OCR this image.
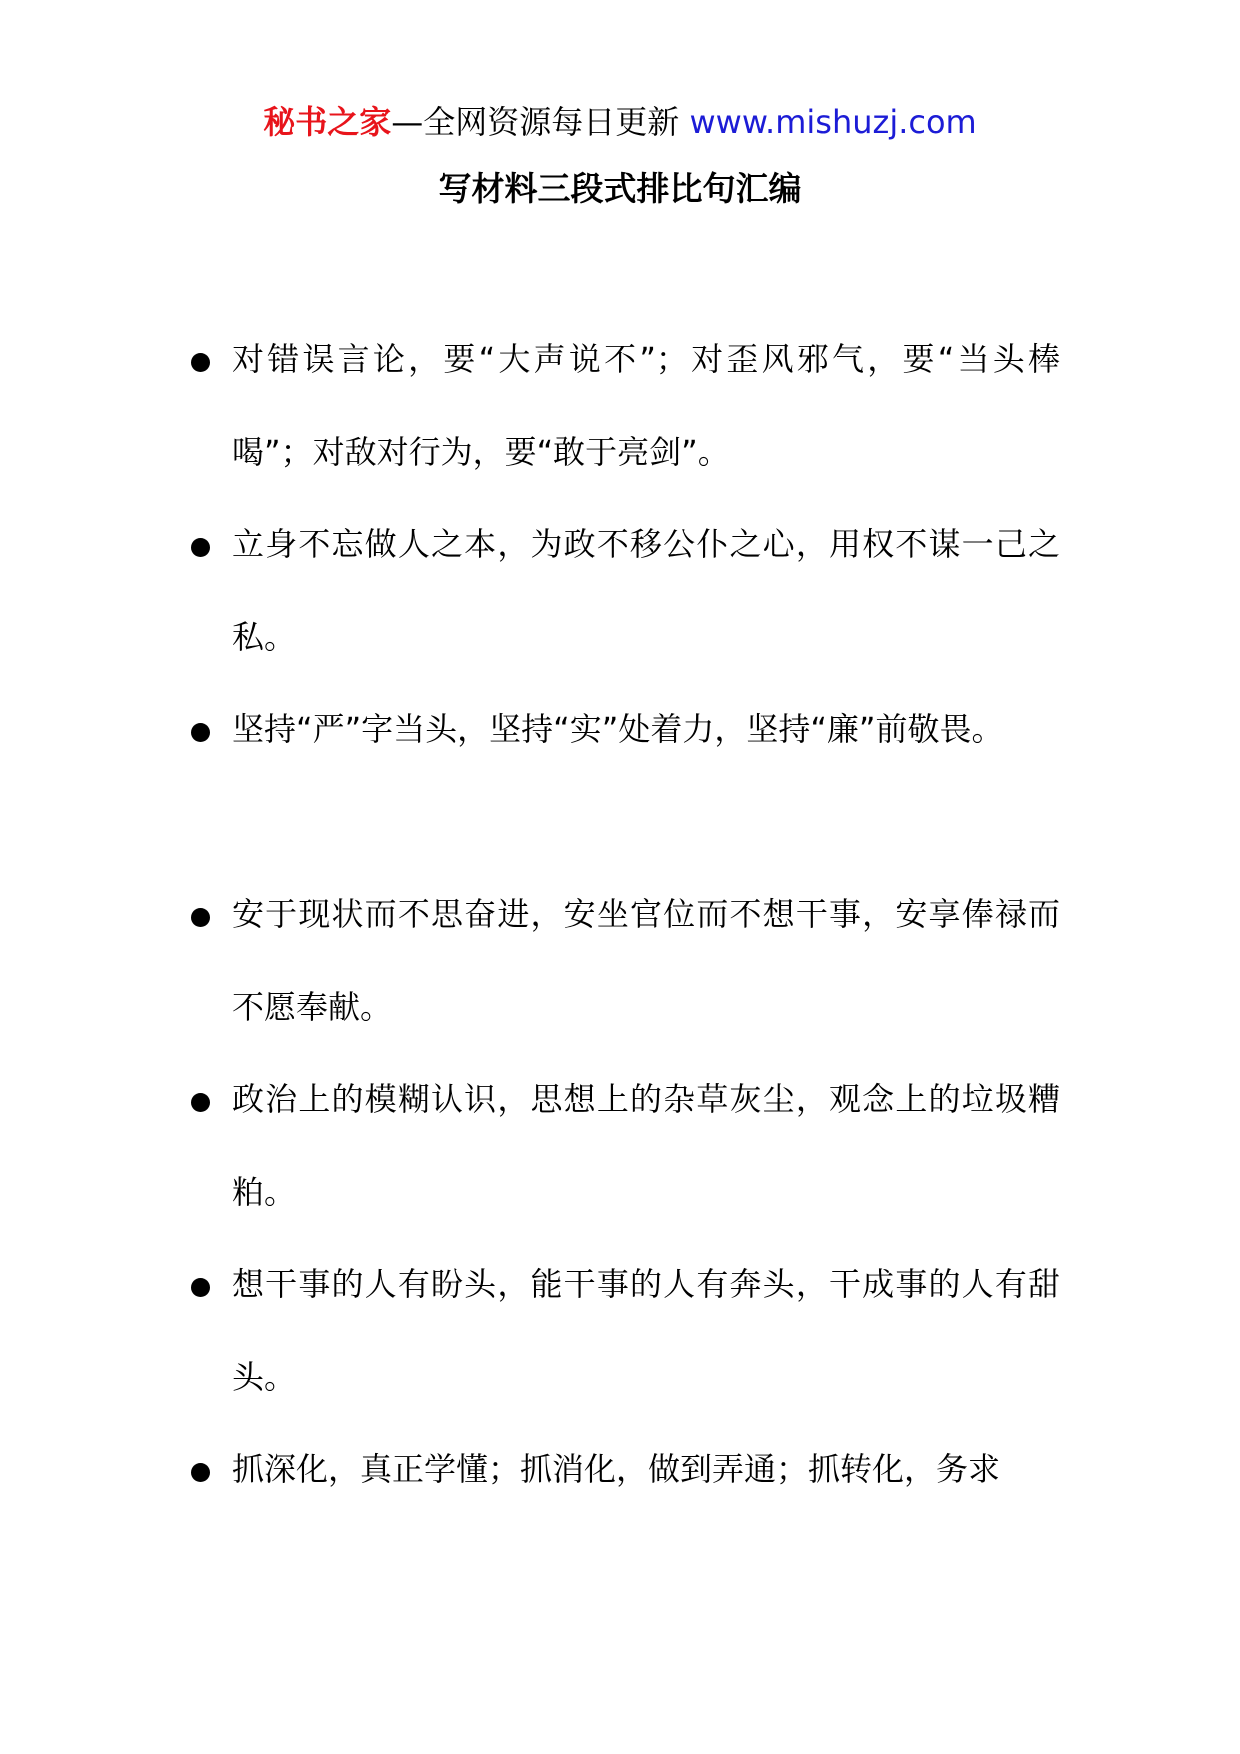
秘书之家—全网资源每日更新 www.mishuzj.com
写材料三段式排比句汇编
对错误言论，要“大声说不”；对歪风邪气，要“当头棒喝”；对敌对行为，要“敢于亮剑”。
立身不忘做人之本，为政不移公仆之心，用权不谋一己之私。
坚持“严”字当头，坚持“实”处着力，坚持“廉”前敬畏。
安于现状而不思奋进，安坐官位而不想干事，安享俸禄而不愿奉献。
政治上的模糊认识，思想上的杂草灰尘，观念上的垃圾糟粕。
想干事的人有盼头，能干事的人有奔头，干成事的人有甜头。
抓深化，真正学懂；抓消化，做到弄通；抓转化，务求
